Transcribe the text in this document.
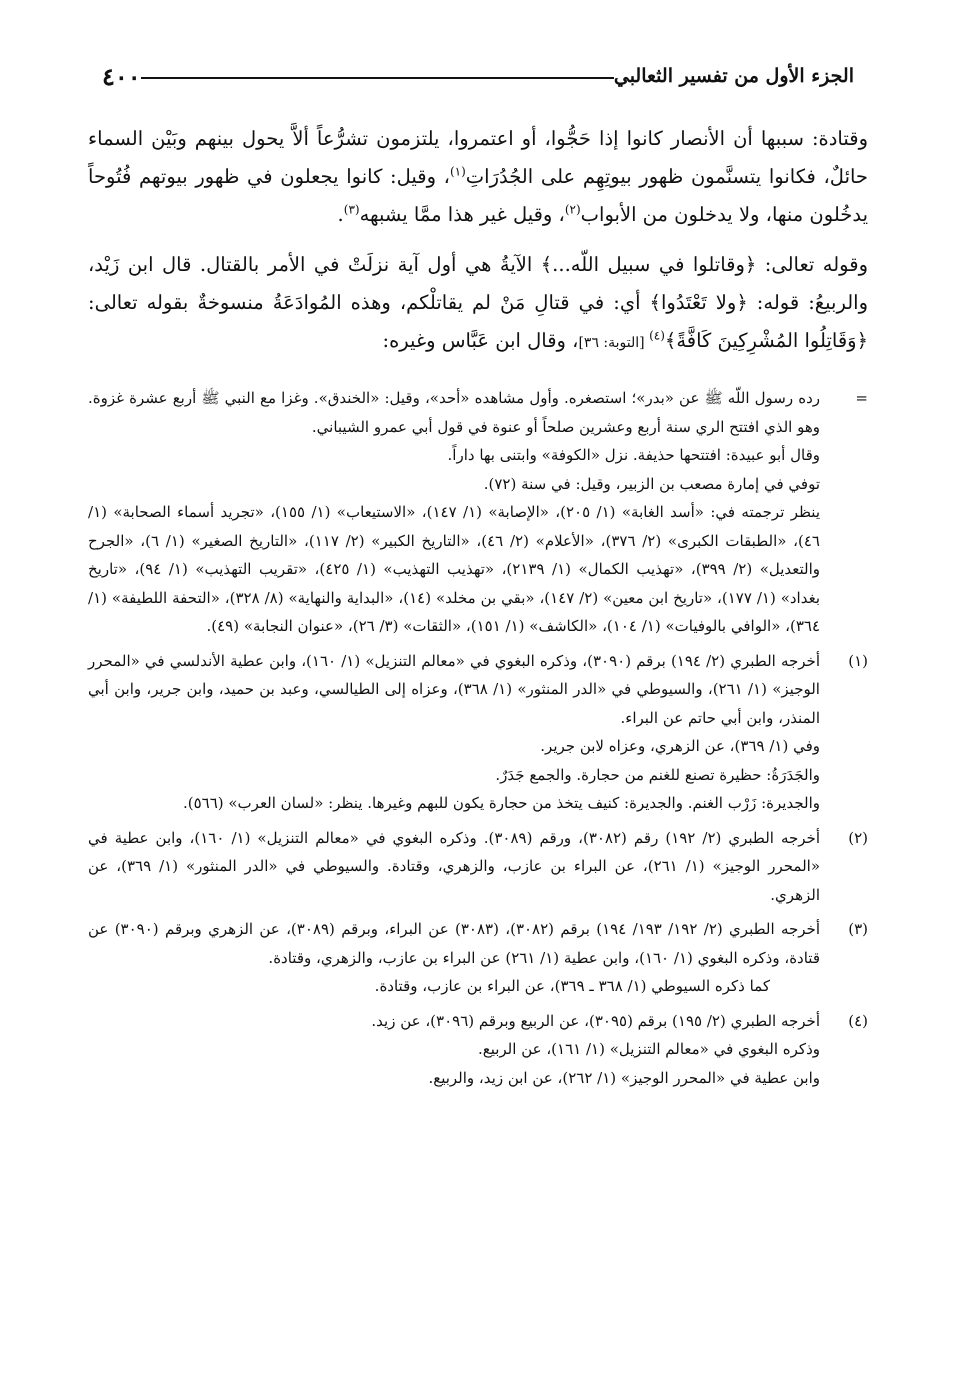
الجزء الأول من تفسير الثعالبي
٤٠٠

وقتادة: سببها أن الأنصار كانوا إذا حَجُّوا، أو اعتمروا، يلتزمون تشرُّعاً ألاَّ يحول بينهم وبَيْن السماء حائلٌ، فكانوا يتسنَّمون ظهور بيوتِهِم على الجُدُرَاتِ$^{(١)}$، وقيل: كانوا يجعلون في ظهور بيوتهم فُتُوحاً يدخُلون منها، ولا يدخلون من الأبواب$^{(٢)}$، وقيل غير هذا ممَّا يشبهه$^{(٣)}$.

وقوله تعالى: ﴿وقاتلوا في سبيل اللّه...﴾ الآيةُ هي أول آية نزلَتْ في الأمر بالقتال. قال ابن زَيْد، والربيعُ: قوله: ﴿ولا تَعْتَدُوا﴾ أي: في قتالِ مَنْ لم يقاتلْكم، وهذه المُوادَعَةُ منسوخةٌ بقوله تعالى: ﴿وَقَاتِلُوا المُشْرِكِينَ كَافَّةً﴾$^{(٤)}$ [التوبة: ٣٦]، وقال ابن عَبَّاس وغيره:

=

رده رسول اللّه ﷺ عن «بدر»؛ استصغره. وأول مشاهده «أحد»، وقيل: «الخندق». وغزا مع النبي ﷺ أربع عشرة غزوة. وهو الذي افتتح الري سنة أربع وعشرين صلحاً أو عنوة في قول أبي عمرو الشيباني.

وقال أبو عبيدة: افتتحها حذيفة. نزل «الكوفة» وابتنى بها داراً.

توفي في إمارة مصعب بن الزبير، وقيل: في سنة (٧٢).

ينظر ترجمته في: «أسد الغابة» (١/ ٢٠٥)، «الإصابة» (١/ ١٤٧)، «الاستيعاب» (١/ ١٥٥)، «تجريد أسماء الصحابة» (١/ ٤٦)، «الطبقات الكبرى» (٢/ ٣٧٦)، «الأعلام» (٢/ ٤٦)، «التاريخ الكبير» (٢/ ١١٧)، «التاريخ الصغير» (١/ ٦)، «الجرح والتعديل» (٢/ ٣٩٩)، «تهذيب الكمال» (١/ ٢١٣٩)، «تهذيب التهذيب» (١/ ٤٢٥)، «تقريب التهذيب» (١/ ٩٤)، «تاريخ بغداد» (١/ ١٧٧)، «تاريخ ابن معين» (٢/ ١٤٧)، «بقي بن مخلد» (١٤)، «البداية والنهاية» (٨/ ٣٢٨)، «التحفة اللطيفة» (١/ ٣٦٤)، «الوافي بالوفيات» (١/ ١٠٤)، «الكاشف» (١/ ١٥١)، «الثقات» (٣/ ٢٦)، «عنوان النجابة» (٤٩).

(١)

أخرجه الطبري (٢/ ١٩٤) برقم (٣٠٩٠)، وذكره البغوي في «معالم التنزيل» (١/ ١٦٠)، وابن عطية الأندلسي في «المحرر الوجيز» (١/ ٢٦١)، والسيوطي في «الدر المنثور» (١/ ٣٦٨)، وعزاه إلى الطيالسي، وعبد بن حميد، وابن جرير، وابن أبي المنذر، وابن أبي حاتم عن البراء.

وفي (١/ ٣٦٩)، عن الزهري، وعزاه لابن جرير.

والجَدَرَةُ: حظيرة تصنع للغنم من حجارة. والجمع جَدَرٌ.

والجديرة: زَرْب الغنم. والجديرة: كنيف يتخذ من حجارة يكون للبهم وغيرها. ينظر: «لسان العرب» (٥٦٦).

(٢)

أخرجه الطبري (٢/ ١٩٢) رقم (٣٠٨٢)، ورقم (٣٠٨٩). وذكره البغوي في «معالم التنزيل» (١/ ١٦٠)، وابن عطية في «المحرر الوجيز» (١/ ٢٦١)، عن البراء بن عازب، والزهري، وقتادة. والسيوطي في «الدر المنثور» (١/ ٣٦٩)، عن الزهري.

(٣)

أخرجه الطبري (٢/ ١٩٢/ ١٩٣/ ١٩٤) برقم (٣٠٨٢)، (٣٠٨٣) عن البراء، وبرقم (٣٠٨٩)، عن الزهري وبرقم (٣٠٩٠) عن قتادة، وذكره البغوي (١/ ١٦٠)، وابن عطية (١/ ٢٦١) عن البراء بن عازب، والزهري، وقتادة.

كما ذكره السيوطي (١/ ٣٦٨ ـ ٣٦٩)، عن البراء بن عازب، وقتادة.

(٤)

أخرجه الطبري (٢/ ١٩٥) برقم (٣٠٩٥)، عن الربيع وبرقم (٣٠٩٦)، عن زيد.

وذكره البغوي في «معالم التنزيل» (١/ ١٦١)، عن الربيع.

وابن عطية في «المحرر الوجيز» (١/ ٢٦٢)، عن ابن زيد، والربيع.
